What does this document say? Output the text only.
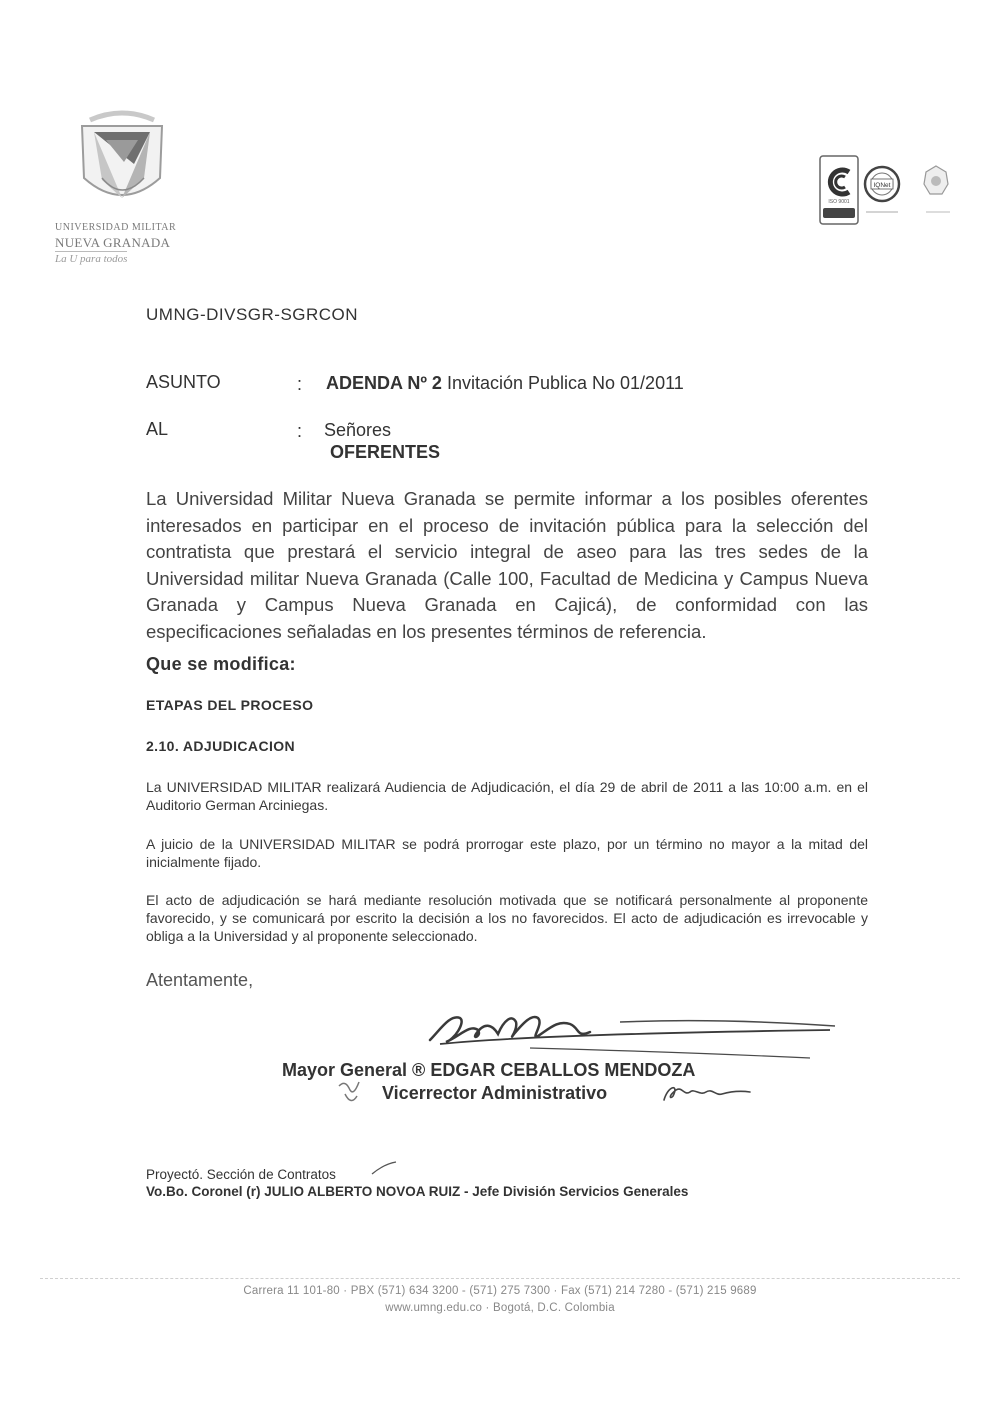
UNIVERSIDAD MILITAR
NUEVA GRANADA
La U para todos
ISO 9001
IQNet
UMNG-DIVSGR-SGRCON
ASUNTO	: ADENDA Nº 2 Invitación Publica No 01/2011
AL	: Señores
OFERENTES
La Universidad Militar Nueva Granada se permite informar a los posibles oferentes interesados en participar en el proceso de invitación pública para la selección del contratista que prestará el servicio integral de aseo para las tres sedes de la Universidad militar Nueva Granada (Calle 100, Facultad de Medicina y Campus Nueva Granada y Campus Nueva Granada en Cajicá), de conformidad con las especificaciones señaladas en los presentes términos de referencia.
Que se modifica:
ETAPAS DEL PROCESO
2.10. ADJUDICACION
La UNIVERSIDAD MILITAR realizará Audiencia de Adjudicación, el día 29 de abril de 2011 a las 10:00 a.m. en el Auditorio German Arciniegas.
A juicio de la UNIVERSIDAD MILITAR se podrá prorrogar este plazo, por un término no mayor a la mitad del inicialmente fijado.
El acto de adjudicación se hará mediante resolución motivada que se notificará personalmente al proponente favorecido, y se comunicará por escrito la decisión a los no favorecidos. El acto de adjudicación es irrevocable y obliga a la Universidad y al proponente seleccionado.
Atentamente,
Mayor General ® EDGAR CEBALLOS MENDOZA
Vicerrector Administrativo
Proyectó. Sección de Contratos
Vo.Bo. Coronel (r) JULIO ALBERTO NOVOA RUIZ - Jefe División Servicios Generales
Carrera 11 101-80 · PBX (571) 634 3200 - (571) 275 7300 · Fax (571) 214 7280 - (571) 215 9689
www.umng.edu.co · Bogotá, D.C. Colombia
